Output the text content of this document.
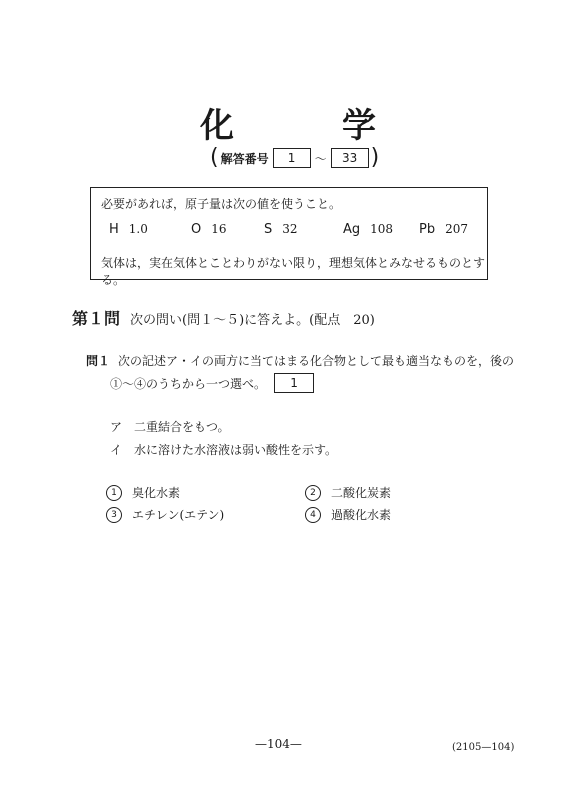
化	学
( 解答番号	1	〜	33 )
必要があれば，原子量は次の値を使うこと。
H 1.0	O 16	S 32	Ag 108 Pb 207
気体は，実在気体とことわりがない限り，理想気体とみなせるものとする。
第１問 次の問い(問１〜５)に答えよ。(配点　20)
問１ 次の記述ア・イの両方に当てはまる化合物として最も適当なものを，後の
①〜④のうちから一つ選べ。	1
ア 二重結合をもつ。
イ 水に溶けた水溶液は弱い酸性を示す。
1	臭化水素	2	二酸化炭素
3	エチレン(エテン)	4	過酸化水素
—104—	(2105—104)
